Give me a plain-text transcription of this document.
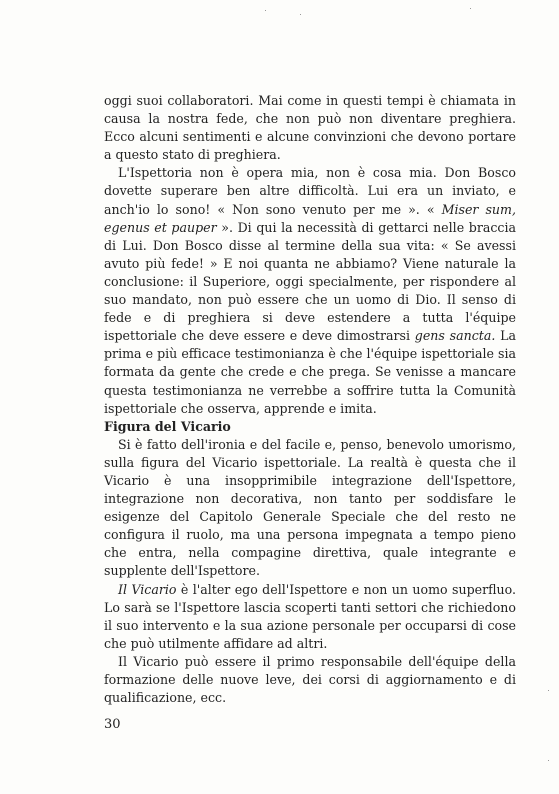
oggi suoi collaboratori. Mai come in questi tempi è chiamata in causa la nostra fede, che non può non diventare preghiera. Ecco alcuni sentimenti e alcune convinzioni che devono portare a questo stato di preghiera.

L'Ispettoria non è opera mia, non è cosa mia. Don Bosco dovette superare ben altre difficoltà. Lui era un inviato, e anch'io lo sono! « Non sono venuto per me ». « Miser sum, egenus et pauper ». Di qui la necessità di gettarci nelle braccia di Lui. Don Bosco disse al termine della sua vita: « Se avessi avuto più fede! » E noi quanta ne abbiamo? Viene naturale la conclusione: il Superiore, oggi specialmente, per rispondere al suo mandato, non può essere che un uomo di Dio. Il senso di fede e di preghiera si deve estendere a tutta l'équipe ispettoriale che deve essere e deve dimostrarsi gens sancta. La prima e più efficace testimonianza è che l'équipe ispettoriale sia formata da gente che crede e che prega. Se venisse a mancare questa testimonianza ne verrebbe a soffrire tutta la Comunità ispettoriale che osserva, apprende e imita.

Figura del Vicario

Si è fatto dell'ironia e del facile e, penso, benevolo umorismo, sulla figura del Vicario ispettoriale. La realtà è questa che il Vicario è una insopprimibile integrazione dell'Ispettore, integrazione non decorativa, non tanto per soddisfare le esigenze del Capitolo Generale Speciale che del resto ne configura il ruolo, ma una persona impegnata a tempo pieno che entra, nella compagine direttiva, quale integrante e supplente dell'Ispettore.

Il Vicario è l'alter ego dell'Ispettore e non un uomo superfluo. Lo sarà se l'Ispettore lascia scoperti tanti settori che richiedono il suo intervento e la sua azione personale per occuparsi di cose che può utilmente affidare ad altri.

Il Vicario può essere il primo responsabile dell'équipe della formazione delle nuove leve, dei corsi di aggiornamento e di qualificazione, ecc.

30
